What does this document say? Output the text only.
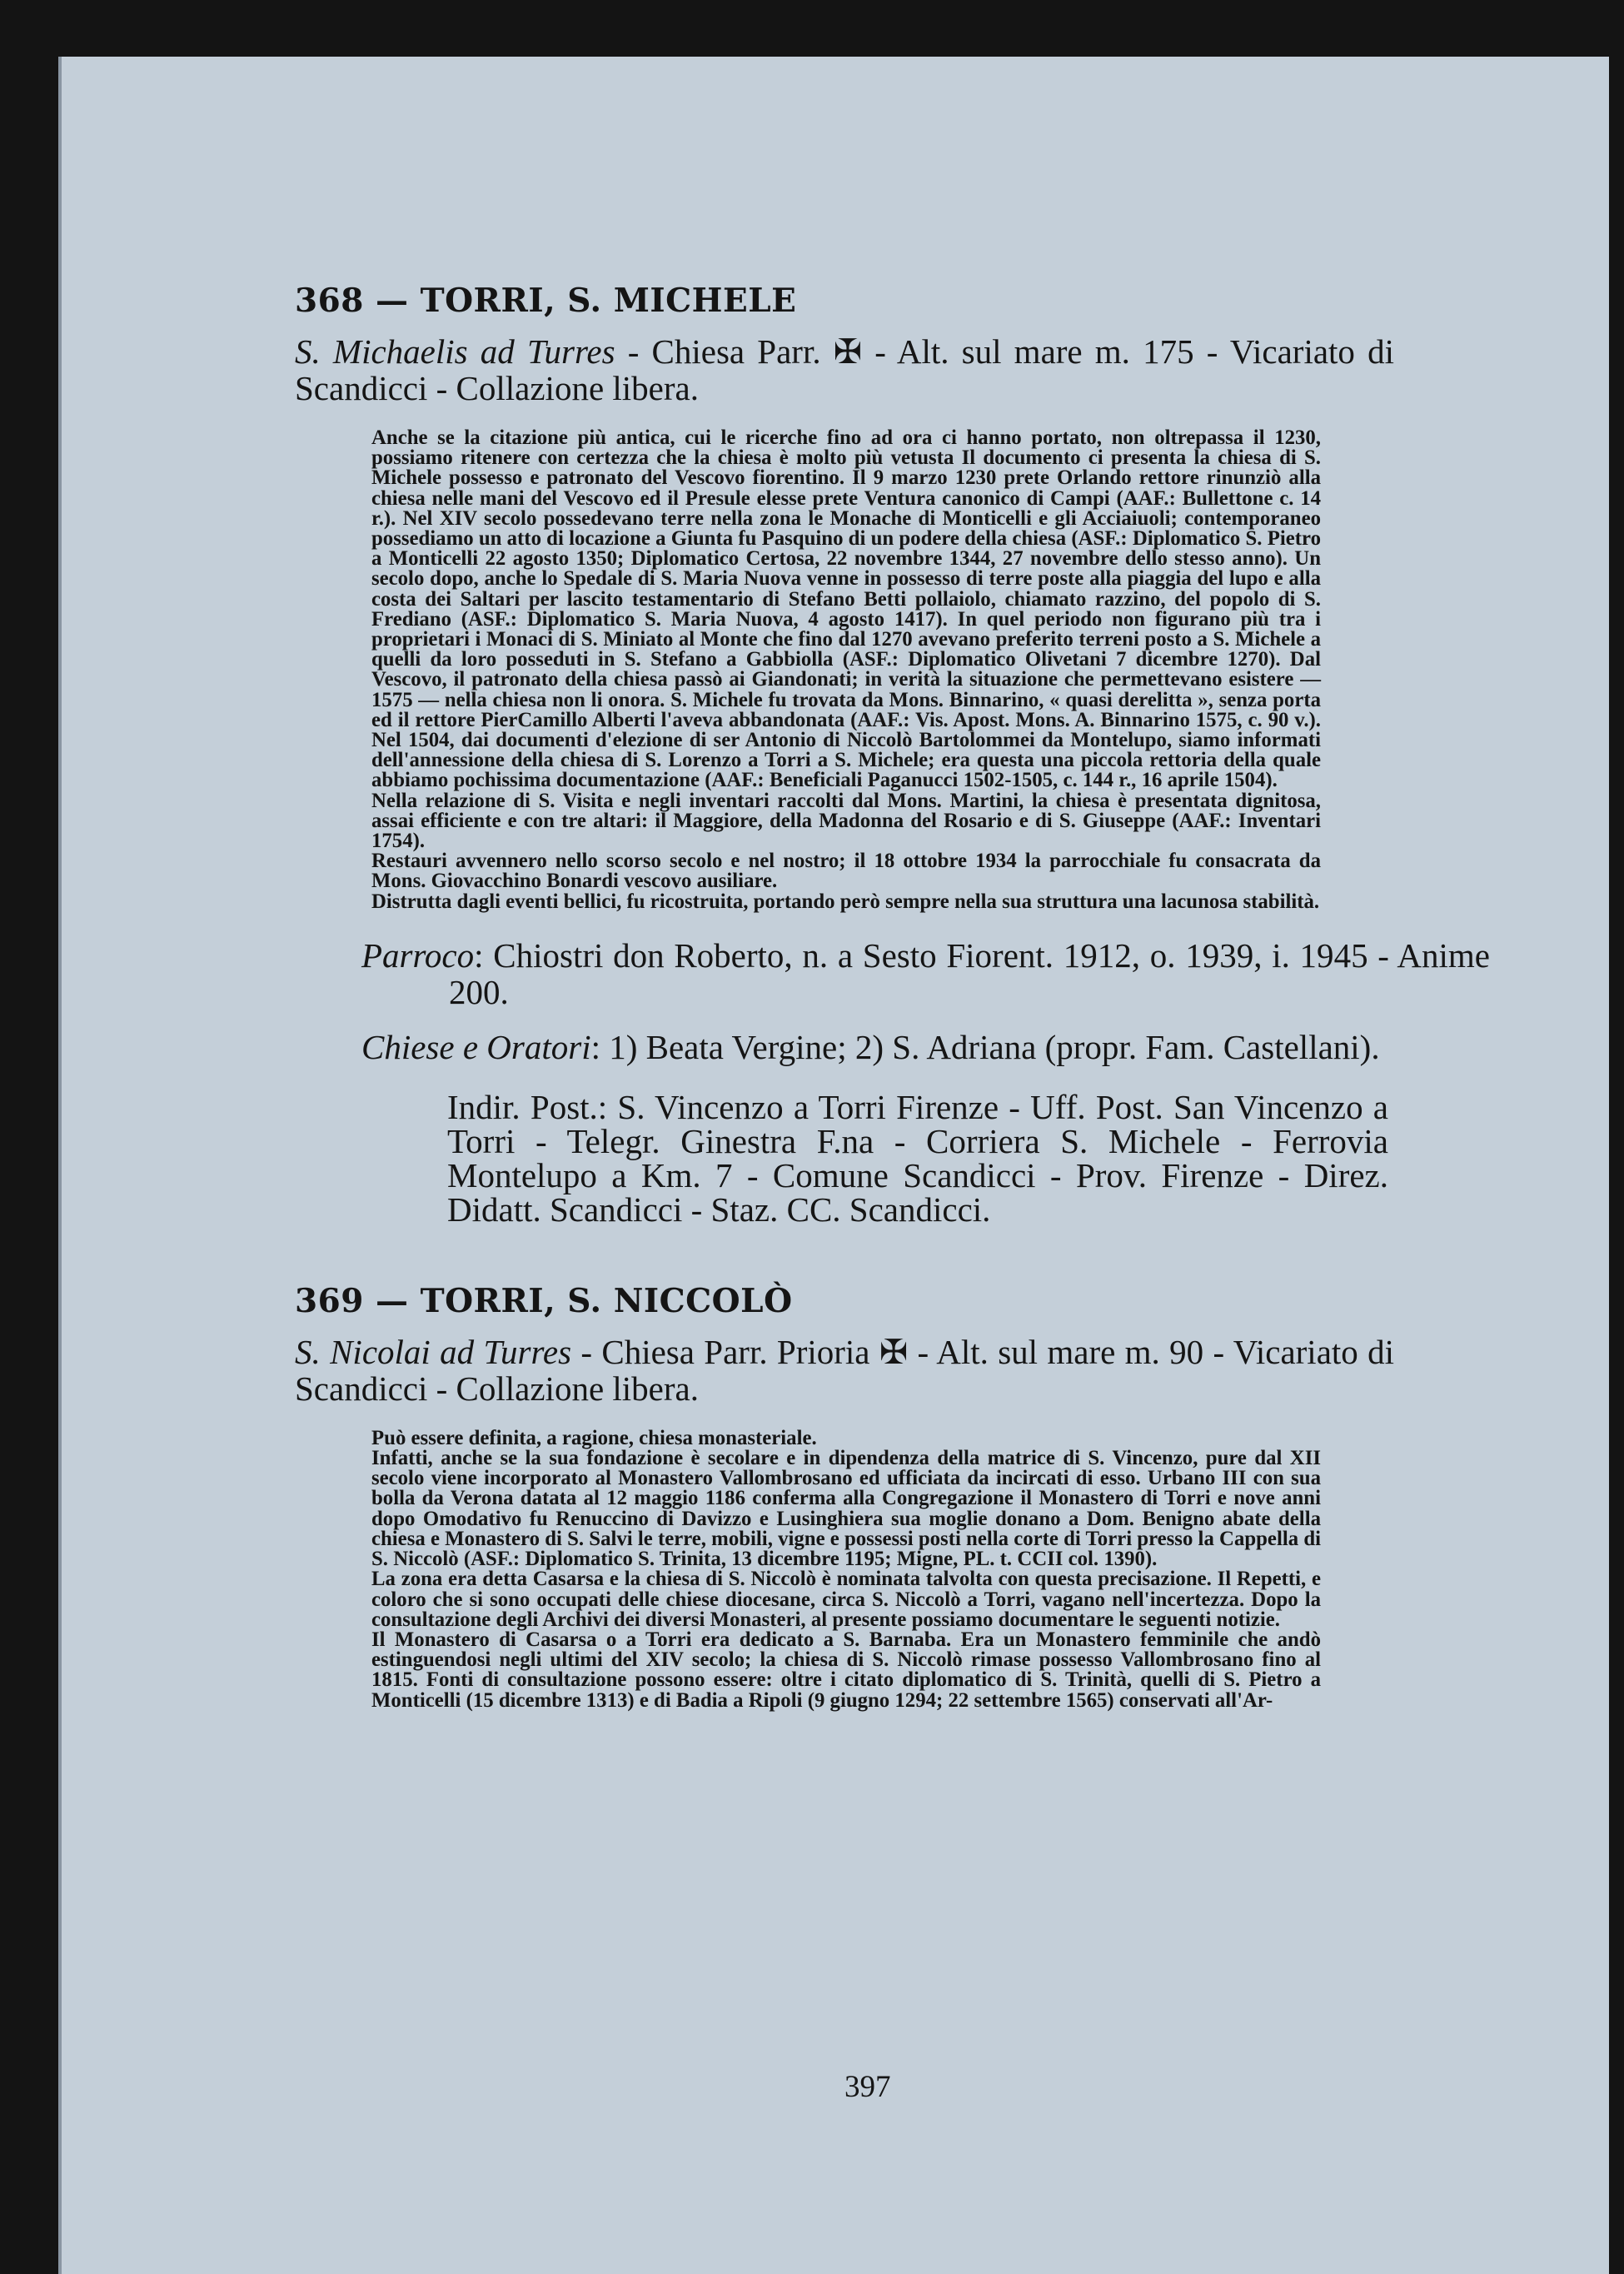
368 — TORRI, S. MICHELE
S. Michaelis ad Turres - Chiesa Parr. ✠ - Alt. sul mare m. 175 - Vicariato di Scandicci - Collazione libera.

Anche se la citazione più antica, cui le ricerche fino ad ora ci hanno portato, non oltrepassa il 1230, possiamo ritenere con certezza che la chiesa è molto più vetusta Il documento ci presenta la chiesa di S. Michele possesso e patronato del Vescovo fiorentino. Il 9 marzo 1230 prete Orlando rettore rinunziò alla chiesa nelle mani del Vescovo ed il Presule elesse prete Ventura canonico di Campi (AAF.: Bullettone c. 14 r.). Nel XIV secolo possedevano terre nella zona le Monache di Monticelli e gli Acciaiuoli; contemporaneo possediamo un atto di locazione a Giunta fu Pasquino di un podere della chiesa (ASF.: Diplomatico S. Pietro a Monticelli 22 agosto 1350; Diplomatico Certosa, 22 novembre 1344, 27 novembre dello stesso anno). Un secolo dopo, anche lo Spedale di S. Maria Nuova venne in possesso di terre poste alla piaggia del lupo e alla costa dei Saltari per lascito testamentario di Stefano Betti pollaiolo, chiamato razzino, del popolo di S. Frediano (ASF.: Diplomatico S. Maria Nuova, 4 agosto 1417). In quel periodo non figurano più tra i proprietari i Monaci di S. Miniato al Monte che fino dal 1270 avevano preferito terreni posto a S. Michele a quelli da loro posseduti in S. Stefano a Gabbiolla (ASF.: Diplomatico Olivetani 7 dicembre 1270). Dal Vescovo, il patronato della chiesa passò ai Giandonati; in verità la situazione che permettevano esistere — 1575 — nella chiesa non li onora. S. Michele fu trovata da Mons. Binnarino, « quasi derelitta », senza porta ed il rettore PierCamillo Alberti l'aveva abbandonata (AAF.: Vis. Apost. Mons. A. Binnarino 1575, c. 90 v.). Nel 1504, dai documenti d'elezione di ser Antonio di Niccolò Bartolommei da Montelupo, siamo informati dell'annessione della chiesa di S. Lorenzo a Torri a S. Michele; era questa una piccola rettoria della quale abbiamo pochissima documentazione (AAF.: Beneficiali Paganucci 1502-1505, c. 144 r., 16 aprile 1504).

Nella relazione di S. Visita e negli inventari raccolti dal Mons. Martini, la chiesa è presentata dignitosa, assai efficiente e con tre altari: il Maggiore, della Madonna del Rosario e di S. Giuseppe (AAF.: Inventari 1754).

Restauri avvennero nello scorso secolo e nel nostro; il 18 ottobre 1934 la parrocchiale fu consacrata da Mons. Giovacchino Bonardi vescovo ausiliare.

Distrutta dagli eventi bellici, fu ricostruita, portando però sempre nella sua struttura una lacunosa stabilità.

Parroco: Chiostri don Roberto, n. a Sesto Fiorent. 1912, o. 1939, i. 1945 - Anime 200.
Chiese e Oratori: 1) Beata Vergine; 2) S. Adriana (propr. Fam. Castellani).
Indir. Post.: S. Vincenzo a Torri Firenze - Uff. Post. San Vincenzo a Torri - Telegr. Ginestra F.na - Corriera S. Michele - Ferrovia Montelupo a Km. 7 - Comune Scandicci - Prov. Firenze - Direz. Didatt. Scandicci - Staz. CC. Scandicci.
369 — TORRI, S. NICCOLÒ
S. Nicolai ad Turres - Chiesa Parr. Prioria ✠ - Alt. sul mare m. 90 - Vicariato di Scandicci - Collazione libera.

Può essere definita, a ragione, chiesa monasteriale.

Infatti, anche se la sua fondazione è secolare e in dipendenza della matrice di S. Vincenzo, pure dal XII secolo viene incorporato al Monastero Vallombrosano ed ufficiata da incircati di esso. Urbano III con sua bolla da Verona datata al 12 maggio 1186 conferma alla Congregazione il Monastero di Torri e nove anni dopo Omodativo fu Renuccino di Davizzo e Lusinghiera sua moglie donano a Dom. Benigno abate della chiesa e Monastero di S. Salvi le terre, mobili, vigne e possessi posti nella corte di Torri presso la Cappella di S. Niccolò (ASF.: Diplomatico S. Trinita, 13 dicembre 1195; Migne, PL. t. CCII col. 1390).

La zona era detta Casarsa e la chiesa di S. Niccolò è nominata talvolta con questa precisazione. Il Repetti, e coloro che si sono occupati delle chiese diocesane, circa S. Niccolò a Torri, vagano nell'incertezza. Dopo la consultazione degli Archivi dei diversi Monasteri, al presente possiamo documentare le seguenti notizie.

Il Monastero di Casarsa o a Torri era dedicato a S. Barnaba. Era un Monastero femminile che andò estinguendosi negli ultimi del XIV secolo; la chiesa di S. Niccolò rimase possesso Vallombrosano fino al 1815. Fonti di consultazione possono essere: oltre i citato diplomatico di S. Trinità, quelli di S. Pietro a Monticelli (15 dicembre 1313) e di Badia a Ripoli (9 giugno 1294; 22 settembre 1565) conservati all'Ar-

397
